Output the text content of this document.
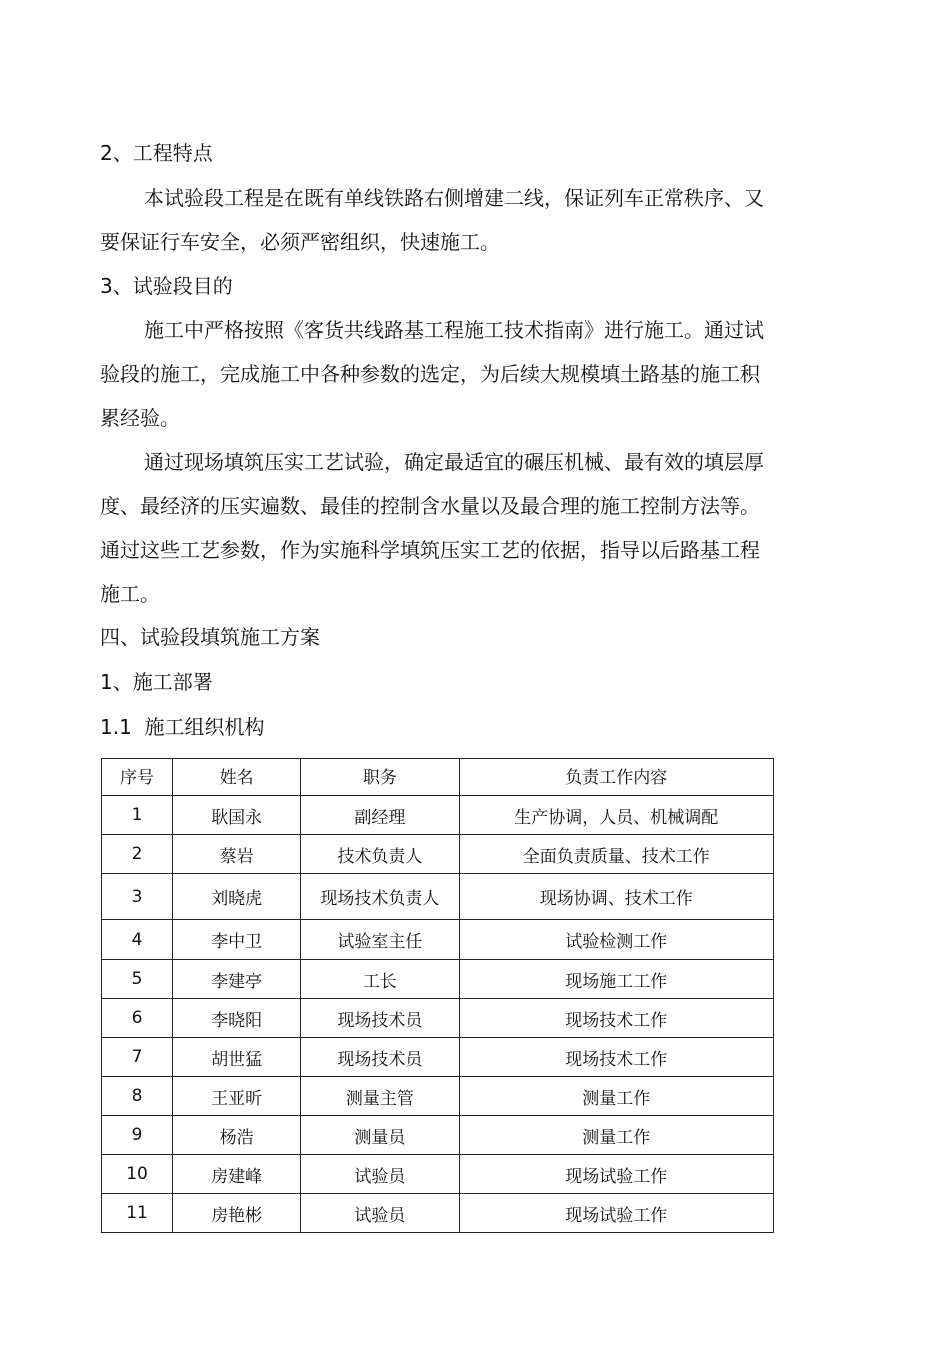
2、工程特点
本试验段工程是在既有单线铁路右侧增建二线，保证列车正常秩序、又
要保证行车安全，必须严密组织，快速施工。
3、试验段目的
施工中严格按照《客货共线路基工程施工技术指南》进行施工。通过试
验段的施工，完成施工中各种参数的选定，为后续大规模填土路基的施工积
累经验。
通过现场填筑压实工艺试验，确定最适宜的碾压机械、最有效的填层厚
度、最经济的压实遍数、最佳的控制含水量以及最合理的施工控制方法等。
通过这些工艺参数，作为实施科学填筑压实工艺的依据，指导以后路基工程
施工。
四、试验段填筑施工方案
1、施工部署
1.1  施工组织机构
序号	姓名	职务	负责工作内容
1	耿国永	副经理	生产协调，人员、机械调配
2	蔡岩	技术负责人	全面负责质量、技术工作
3	刘晓虎	现场技术负责人	现场协调、技术工作
4	李中卫	试验室主任	试验检测工作
5	李建亭	工长	现场施工工作
6	李晓阳	现场技术员	现场技术工作
7	胡世猛	现场技术员	现场技术工作
8	王亚昕	测量主管	测量工作
9	杨浩	测量员	测量工作
10	房建峰	试验员	现场试验工作
11	房艳彬	试验员	现场试验工作
